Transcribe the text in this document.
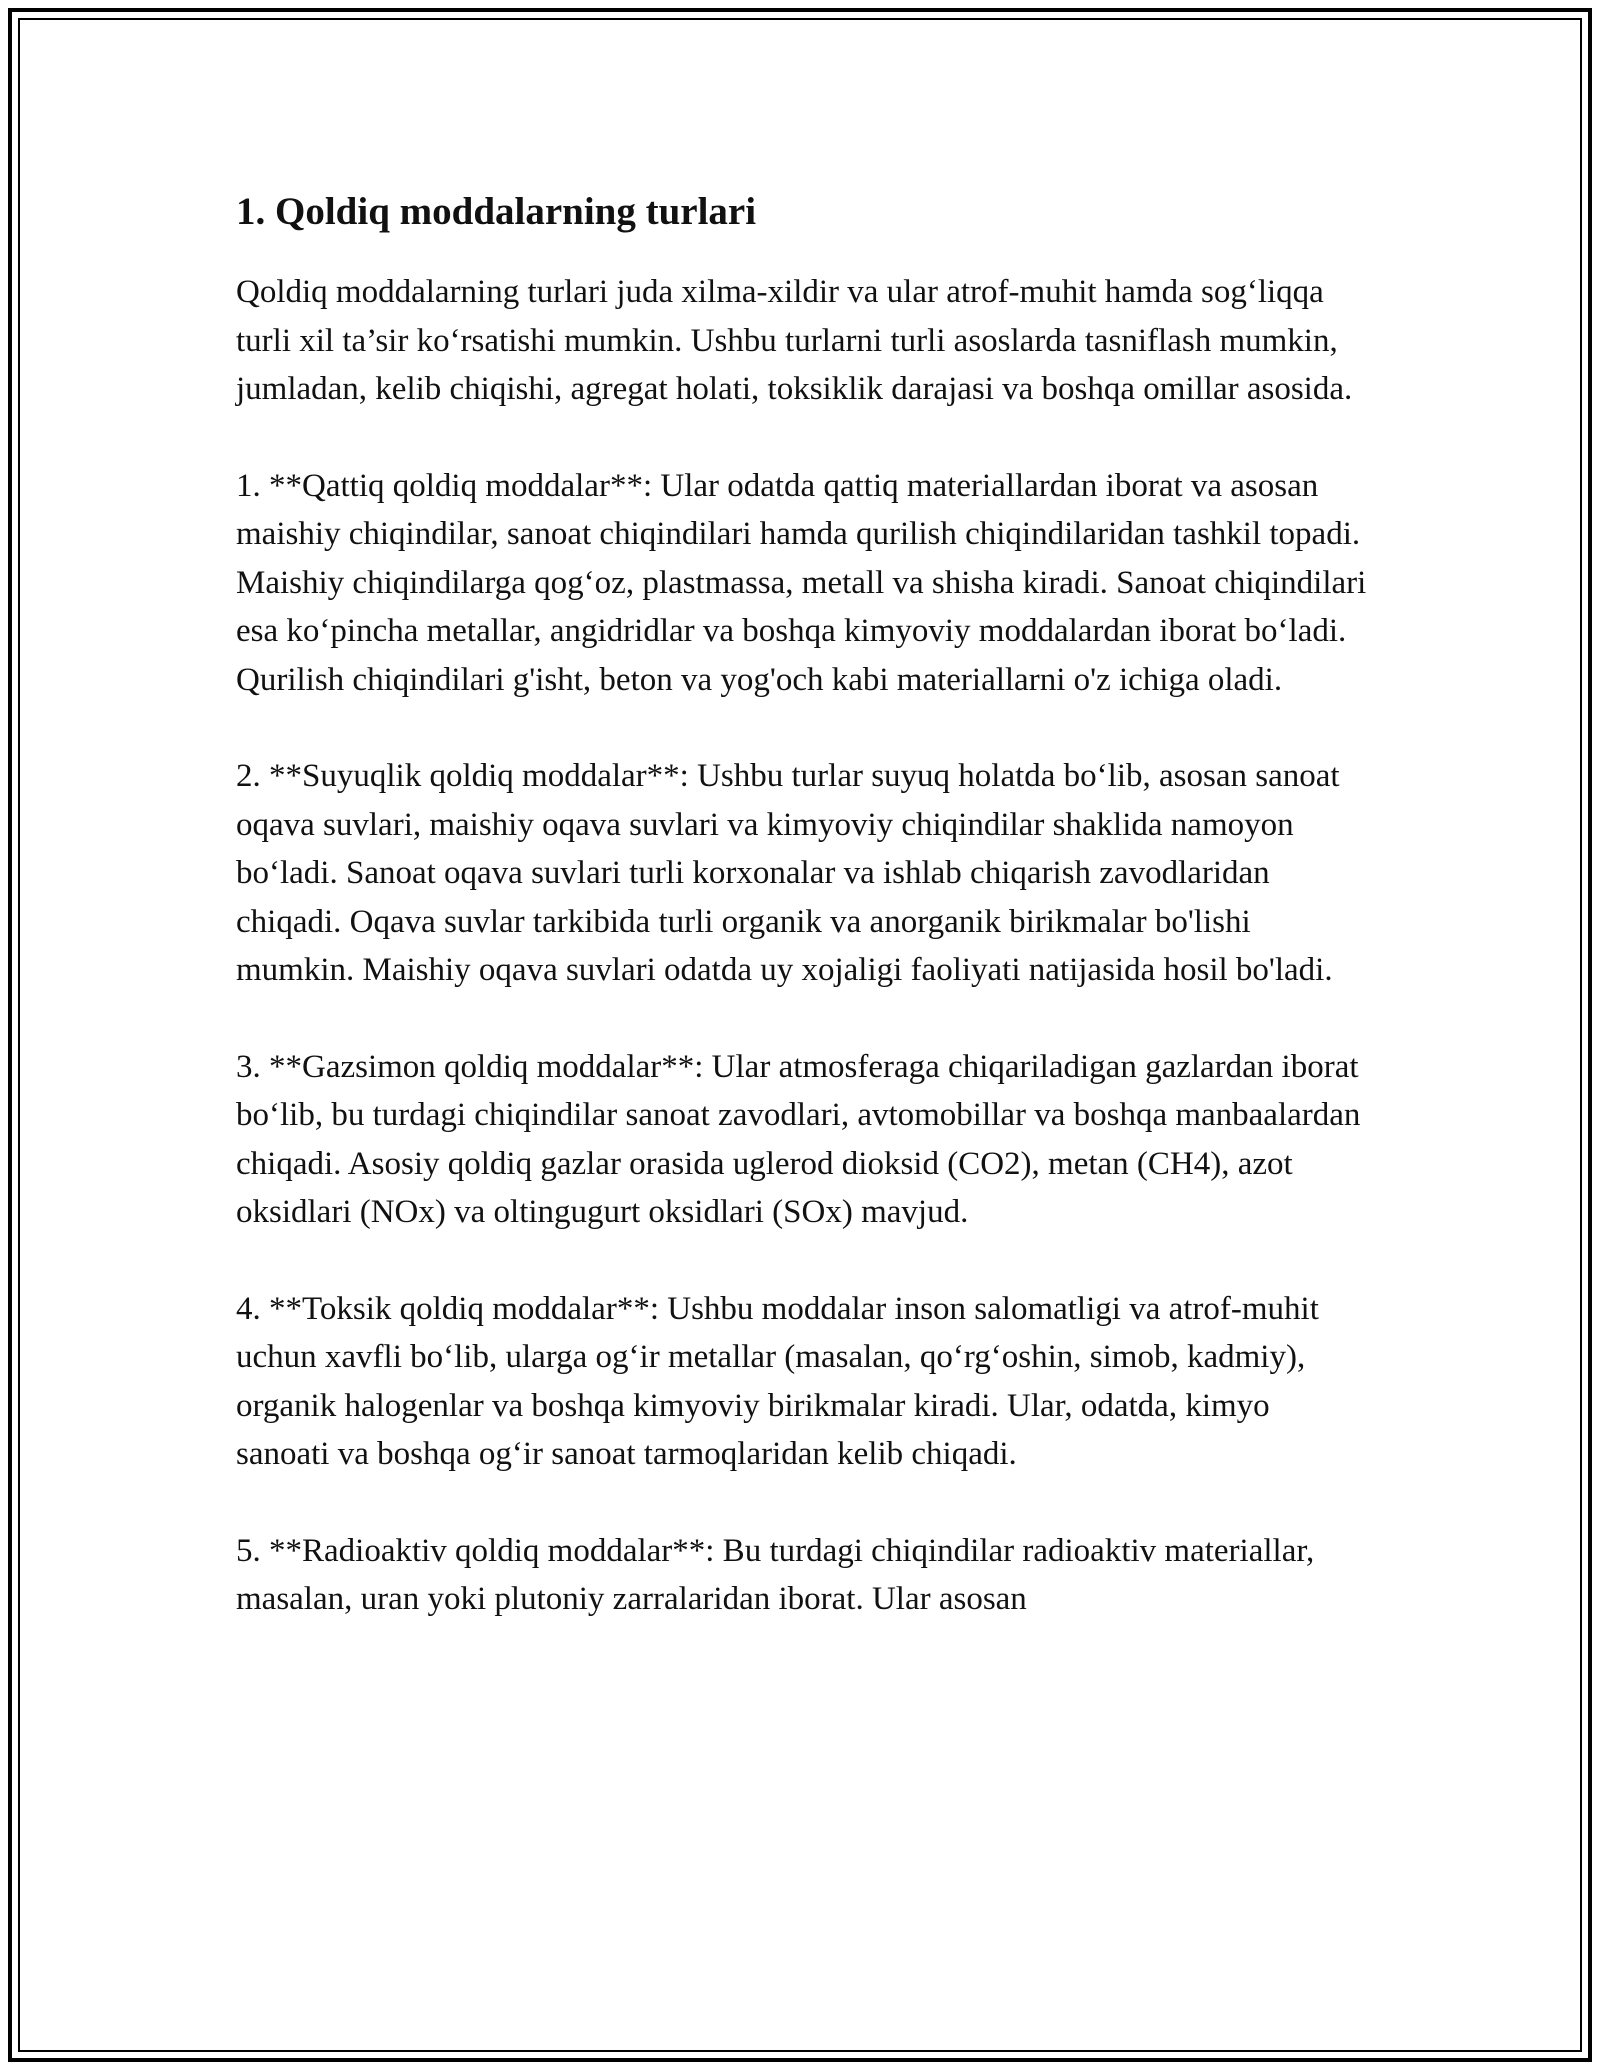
1. Qoldiq moddalarning turlari

Qoldiq moddalarning turlari juda xilma-xildir va ular atrof-muhit hamda sog‘liqqa turli xil ta’sir ko‘rsatishi mumkin. Ushbu turlarni turli asoslarda tasniflash mumkin, jumladan, kelib chiqishi, agregat holati, toksiklik darajasi va boshqa omillar asosida.

1. **Qattiq qoldiq moddalar**: Ular odatda qattiq materiallardan iborat va asosan maishiy chiqindilar, sanoat chiqindilari hamda qurilish chiqindilaridan tashkil topadi. Maishiy chiqindilarga qog‘oz, plastmassa, metall va shisha kiradi. Sanoat chiqindilari esa ko‘pincha metallar, angidridlar va boshqa kimyoviy moddalardan iborat bo‘ladi. Qurilish chiqindilari g'isht, beton va yog'och kabi materiallarni o'z ichiga oladi.

2. **Suyuqlik qoldiq moddalar**: Ushbu turlar suyuq holatda bo‘lib, asosan sanoat oqava suvlari, maishiy oqava suvlari va kimyoviy chiqindilar shaklida namoyon bo‘ladi. Sanoat oqava suvlari turli korxonalar va ishlab chiqarish zavodlaridan chiqadi. Oqava suvlar tarkibida turli organik va anorganik birikmalar bo'lishi mumkin. Maishiy oqava suvlari odatda uy xojaligi faoliyati natijasida hosil bo'ladi.

3. **Gazsimon qoldiq moddalar**: Ular atmosferaga chiqariladigan gazlardan iborat bo‘lib, bu turdagi chiqindilar sanoat zavodlari, avtomobillar va boshqa manbaalardan chiqadi. Asosiy qoldiq gazlar orasida uglerod dioksid (CO2), metan (CH4), azot oksidlari (NOx) va oltingugurt oksidlari (SOx) mavjud.

4. **Toksik qoldiq moddalar**: Ushbu moddalar inson salomatligi va atrof-muhit uchun xavfli bo‘lib, ularga og‘ir metallar (masalan, qo‘rg‘oshin, simob, kadmiy), organik halogenlar va boshqa kimyoviy birikmalar kiradi. Ular, odatda, kimyo sanoati va boshqa og‘ir sanoat tarmoqlaridan kelib chiqadi.

5. **Radioaktiv qoldiq moddalar**: Bu turdagi chiqindilar radioaktiv materiallar, masalan, uran yoki plutoniy zarralaridan iborat. Ular asosan
